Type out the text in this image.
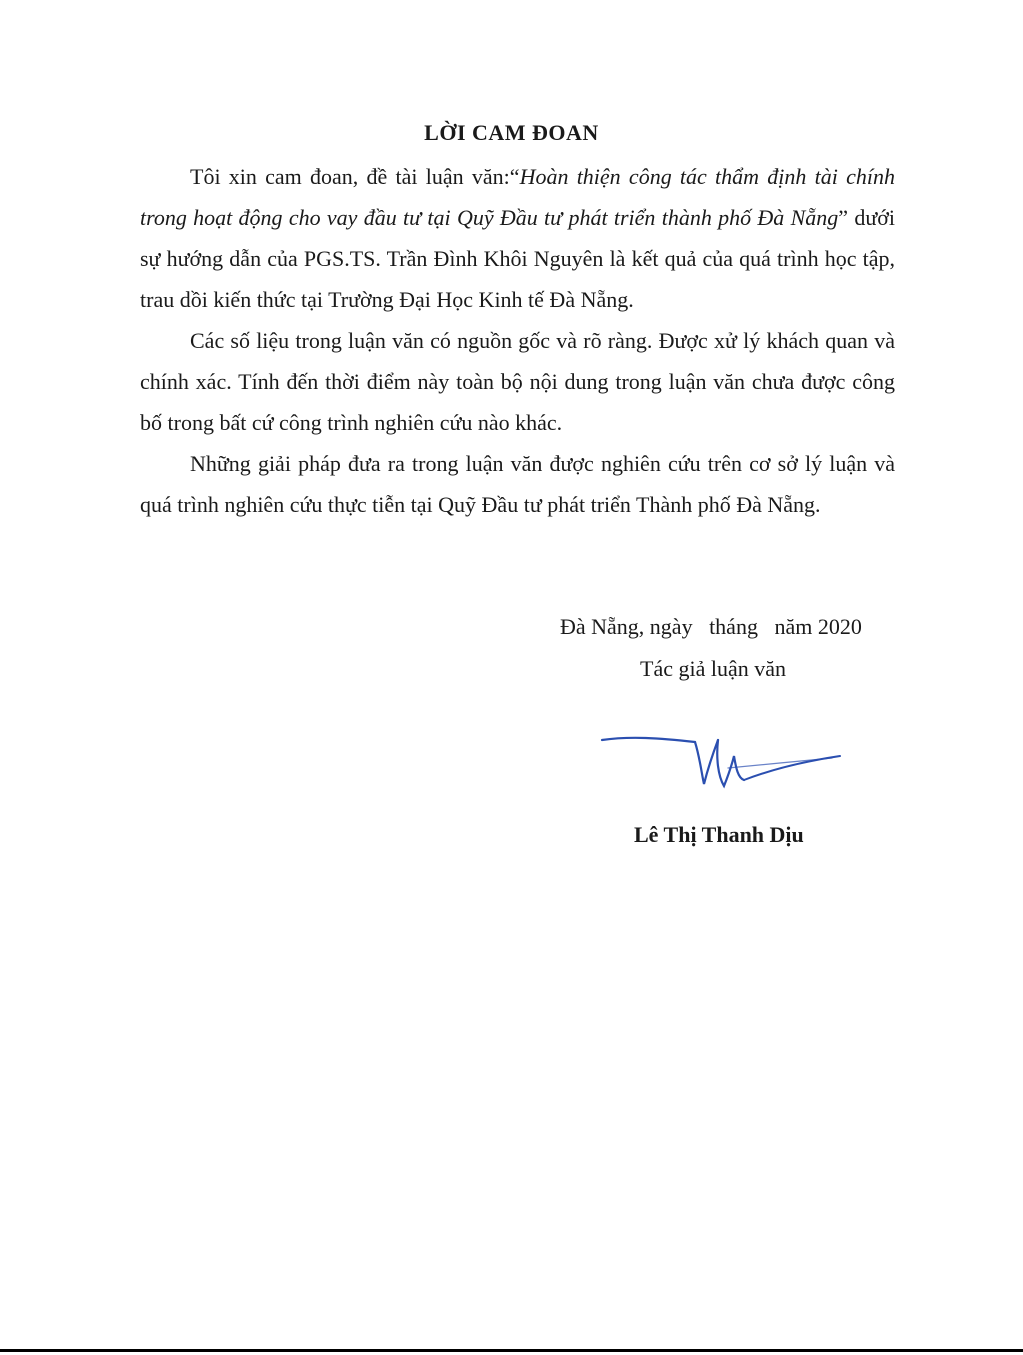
LỜI CAM ĐOAN

Tôi xin cam đoan, đề tài luận văn:“Hoàn thiện công tác thẩm định tài chính trong hoạt động cho vay đầu tư tại Quỹ Đầu tư phát triển thành phố Đà Nẵng” dưới sự hướng dẫn của PGS.TS. Trần Đình Khôi Nguyên là kết quả của quá trình học tập, trau dồi kiến thức tại Trường Đại Học Kinh tế Đà Nẵng.

Các số liệu trong luận văn có nguồn gốc và rõ ràng. Được xử lý khách quan và chính xác. Tính đến thời điểm này toàn bộ nội dung trong luận văn chưa được công bố trong bất cứ công trình nghiên cứu nào khác.

Những giải pháp đưa ra trong luận văn được nghiên cứu trên cơ sở lý luận và quá trình nghiên cứu thực tiễn tại Quỹ Đầu tư phát triển Thành phố Đà Nẵng.

Đà Nẵng, ngày   tháng   năm 2020
Tác giả luận văn
Lê Thị Thanh Dịu
